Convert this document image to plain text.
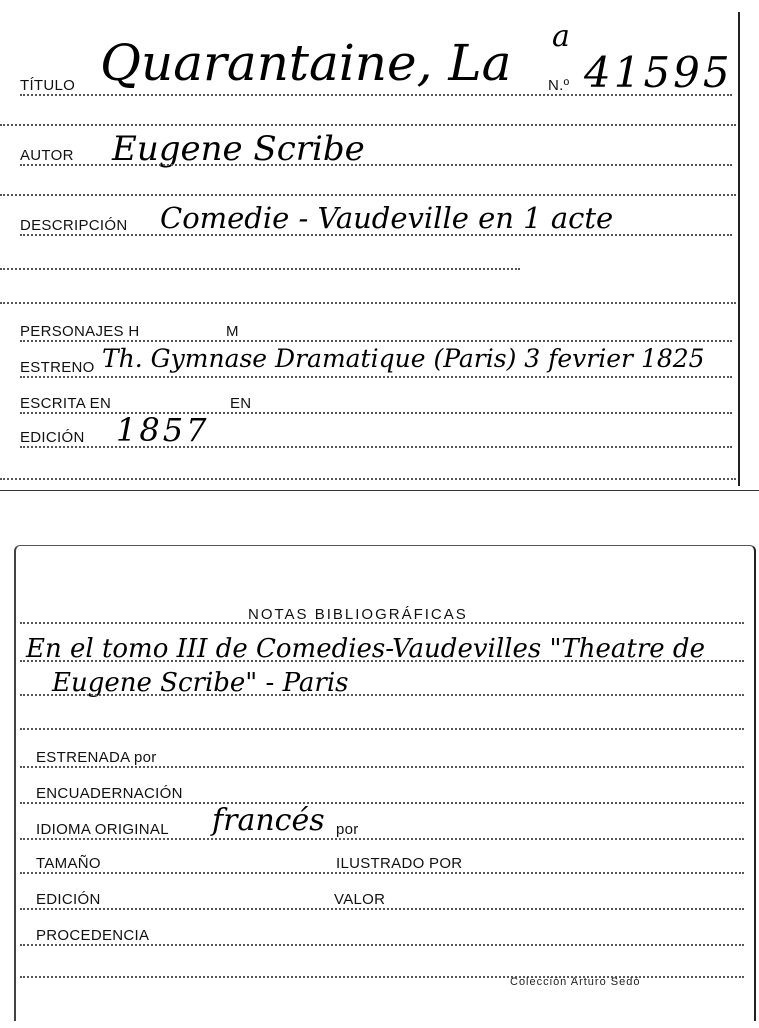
TÍTULO Quarantaine, La N.º
a
41595
AUTOR Eugene Scribe
DESCRIPCIÓN Comedie - Vaudeville en 1 acte
PERSONAJES H	M
ESTRENO Th. Gymnase Dramatique (Paris) 3 fevrier 1825
ESCRITA EN	EN
EDICIÓN 1857
NOTAS BIBLIOGRÁFICAS
En el tomo III de Comedies-Vaudevilles "Theatre de
Eugene Scribe" - Paris
ESTRENADA por
ENCUADERNACIÓN
IDIOMA ORIGINAL francés por
TAMAÑO	ILUSTRADO POR
EDICIÓN	VALOR
PROCEDENCIA
Colección Arturo Sedó
